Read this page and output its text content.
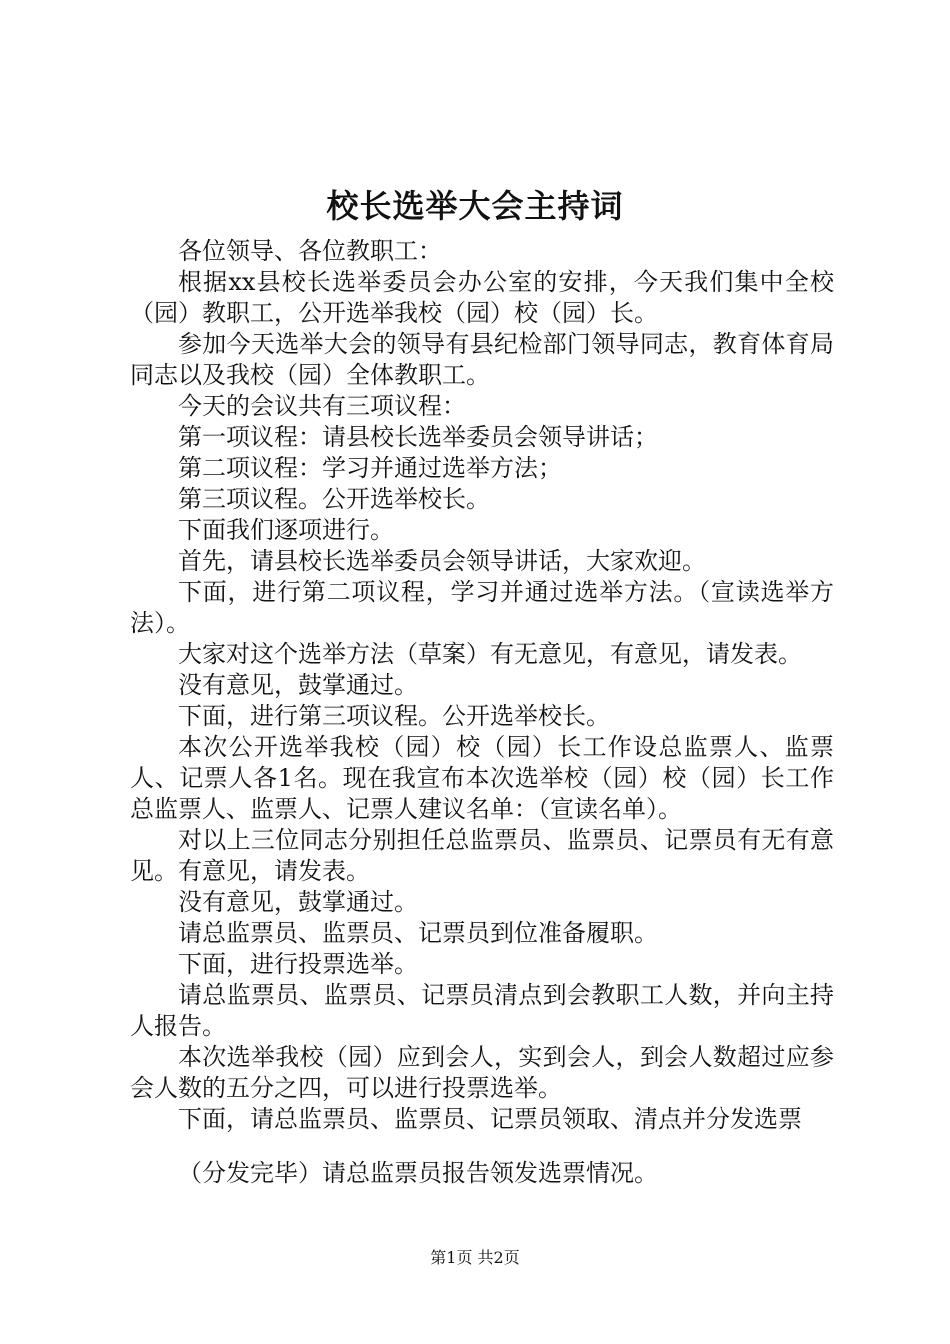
校长选举大会主持词

各位领导、各位教职工：

根据xx县校长选举委员会办公室的安排，今天我们集中全校（园）教职工，公开选举我校（园）校（园）长。

参加今天选举大会的领导有县纪检部门领导同志，教育体育局同志以及我校（园）全体教职工。

今天的会议共有三项议程：

第一项议程：请县校长选举委员会领导讲话；

第二项议程：学习并通过选举方法；

第三项议程。公开选举校长。

下面我们逐项进行。

首先，请县校长选举委员会领导讲话，大家欢迎。

下面，进行第二项议程，学习并通过选举方法。（宣读选举方法）。

大家对这个选举方法（草案）有无意见，有意见，请发表。

没有意见，鼓掌通过。

下面，进行第三项议程。公开选举校长。

本次公开选举我校（园）校（园）长工作设总监票人、监票人、记票人各1名。现在我宣布本次选举校（园）校（园）长工作总监票人、监票人、记票人建议名单：（宣读名单）。

对以上三位同志分别担任总监票员、监票员、记票员有无有意见。有意见，请发表。

没有意见，鼓掌通过。

请总监票员、监票员、记票员到位准备履职。

下面，进行投票选举。

请总监票员、监票员、记票员清点到会教职工人数，并向主持人报告。

本次选举我校（园）应到会人，实到会人，到会人数超过应参会人数的五分之四，可以进行投票选举。

下面，请总监票员、监票员、记票员领取、清点并分发选票

（分发完毕）请总监票员报告领发选票情况。

第1页 共2页
